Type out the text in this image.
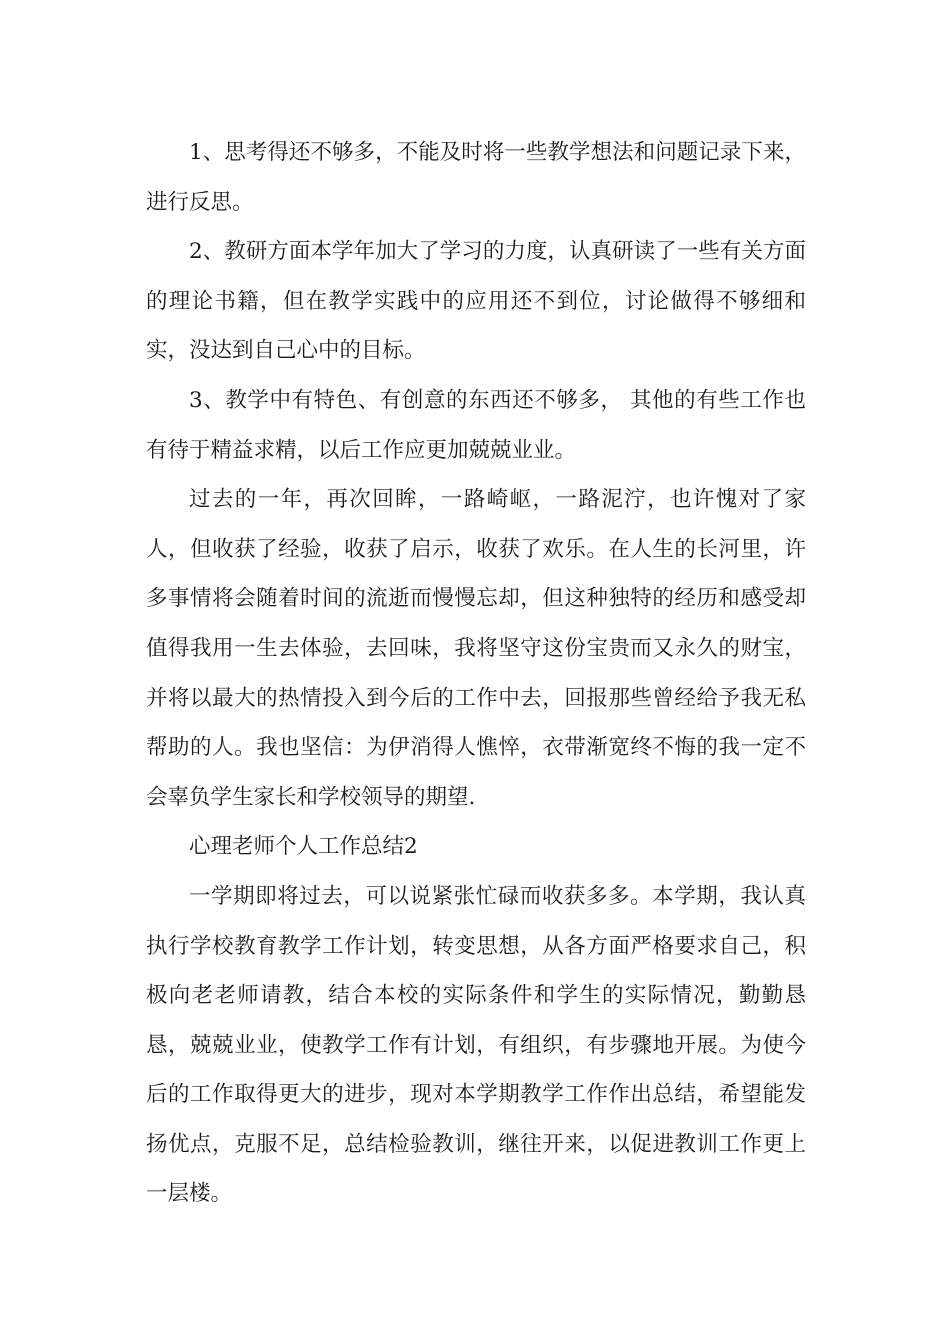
1、思考得还不够多，不能及时将一些教学想法和问题记录下来，进行反思。

2、教研方面本学年加大了学习的力度，认真研读了一些有关方面的理论书籍，但在教学实践中的应用还不到位，讨论做得不够细和实，没达到自己心中的目标。

3、教学中有特色、有创意的东西还不够多， 其他的有些工作也有待于精益求精，以后工作应更加兢兢业业。

过去的一年，再次回眸，一路崎岖，一路泥泞，也许愧对了家人，但收获了经验，收获了启示，收获了欢乐。在人生的长河里，许多事情将会随着时间的流逝而慢慢忘却，但这种独特的经历和感受却值得我用一生去体验，去回味，我将坚守这份宝贵而又永久的财宝，并将以最大的热情投入到今后的工作中去，回报那些曾经给予我无私帮助的人。我也坚信：为伊消得人憔悴，衣带渐宽终不悔的我一定不会辜负学生家长和学校领导的期望.

心理老师个人工作总结2

一学期即将过去，可以说紧张忙碌而收获多多。本学期，我认真执行学校教育教学工作计划，转变思想，从各方面严格要求自己，积极向老老师请教，结合本校的实际条件和学生的实际情况，勤勤恳恳，兢兢业业，使教学工作有计划，有组织，有步骤地开展。为使今后的工作取得更大的进步，现对本学期教学工作作出总结，希望能发扬优点，克服不足，总结检验教训，继往开来，以促进教训工作更上一层楼。
